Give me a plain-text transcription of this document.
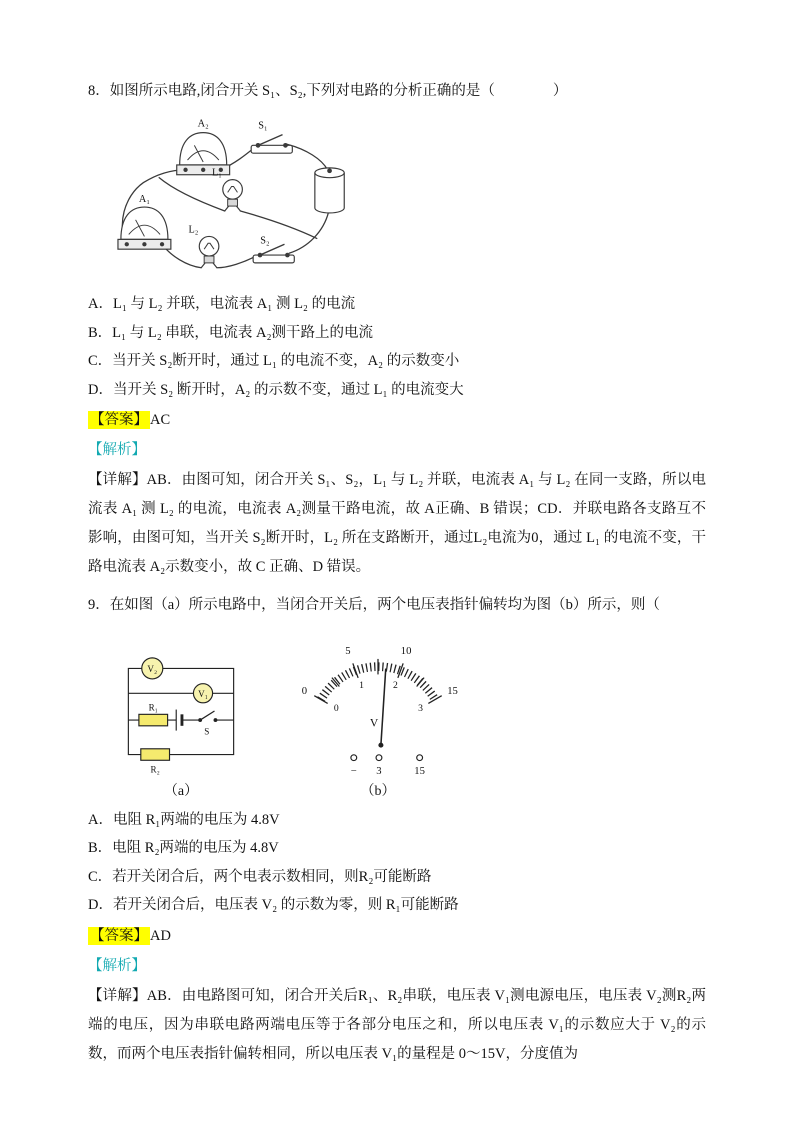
8．如图所示电路,闭合开关 S₁、S₂,下列对电路的分析正确的是（　　　　）

A₂
A₁
S₁
S₂
L₁
L₂

A．L₁ 与 L₂ 并联，电流表 A₁ 测 L₂ 的电流

B．L₁ 与 L₂ 串联，电流表 A₂测干路上的电流

C．当开关 S₂断开时，通过 L₁ 的电流不变，A₂ 的示数变小

D．当开关 S₂ 断开时，A₂ 的示数不变，通过 L₁ 的电流变大

【答案】 AC

【解析】

【详解】AB．由图可知，闭合开关 S₁、S₂，L₁ 与 L₂ 并联，电流表 A₁ 与 L₂ 在同一支路，所以电流表 A₁ 测 L₂ 的电流，电流表 A₂测量干路电流，故 A正确、B 错误；CD．并联电路各支路互不影响，由图可知，当开关 S₂断开时，L₂ 所在支路断开，通过L₂电流为0，通过 L₁ 的电流不变，干路电流表 A₂示数变小，故 C 正确、D 错误。

9．在如图（a）所示电路中，当闭合开关后，两个电压表指针偏转均为图（b）所示，则（

V₂
V₁
R₁
S
R₂
（a）
0
5	10
15
0
1	2
3
V
− 3	15
（b）

A．电阻 R₁两端的电压为 4.8V

B．电阻 R₂两端的电压为 4.8V

C．若开关闭合后，两个电表示数相同，则R₂可能断路

D．若开关闭合后，电压表 V₂ 的示数为零，则 R₁可能断路

【答案】 AD

【解析】

【详解】AB．由电路图可知，闭合开关后R₁、R₂串联，电压表 V₁测电源电压，电压表 V₂测R₂两端的电压，因为串联电路两端电压等于各部分电压之和，所以电压表 V₁的示数应大于 V₂的示数，而两个电压表指针偏转相同，所以电压表 V₁的量程是 0～15V，分度值为
